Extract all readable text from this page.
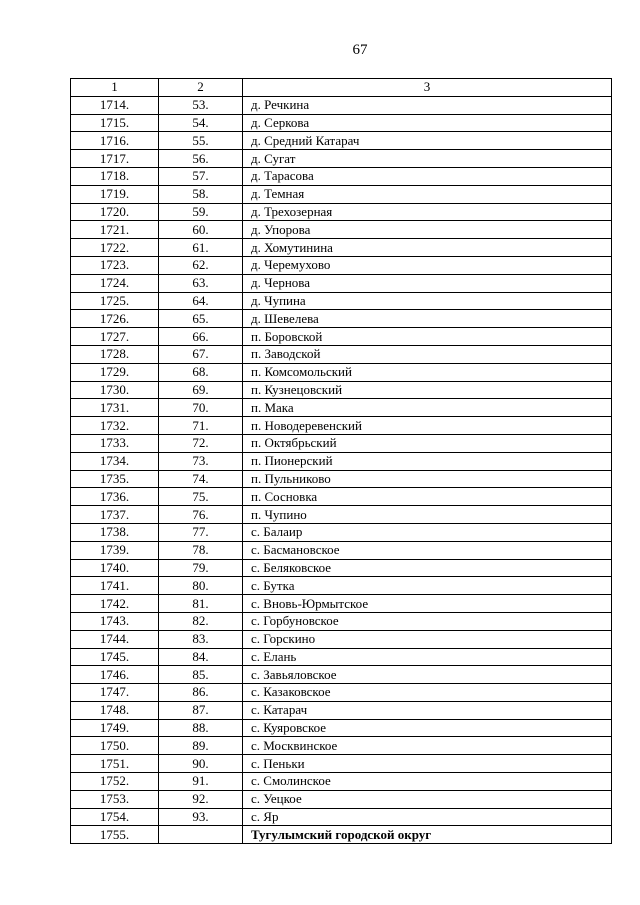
67
1	2	3
1714.	53.	д. Речкина
1715.	54.	д. Серкова
1716.	55.	д. Средний Катарач
1717.	56.	д. Сугат
1718.	57.	д. Тарасова
1719.	58.	д. Темная
1720.	59.	д. Трехозерная
1721.	60.	д. Упорова
1722.	61.	д. Хомутинина
1723.	62.	д. Черемухово
1724.	63.	д. Чернова
1725.	64.	д. Чупина
1726.	65.	д. Шевелева
1727.	66.	п. Боровской
1728.	67.	п. Заводской
1729.	68.	п. Комсомольский
1730.	69.	п. Кузнецовский
1731.	70.	п. Мака
1732.	71.	п. Новодеревенский
1733.	72.	п. Октябрьский
1734.	73.	п. Пионерский
1735.	74.	п. Пульниково
1736.	75.	п. Сосновка
1737.	76.	п. Чупино
1738.	77.	с. Балаир
1739.	78.	с. Басмановское
1740.	79.	с. Беляковское
1741.	80.	с. Бутка
1742.	81.	с. Вновь-Юрмытское
1743.	82.	с. Горбуновское
1744.	83.	с. Горскино
1745.	84.	с. Елань
1746.	85.	с. Завьяловское
1747.	86.	с. Казаковское
1748.	87.	с. Катарач
1749.	88.	с. Куяровское
1750.	89.	с. Москвинское
1751.	90.	с. Пеньки
1752.	91.	с. Смолинское
1753.	92.	с. Уецкое
1754.	93.	с. Яр
1755.		Тугулымский городской округ
